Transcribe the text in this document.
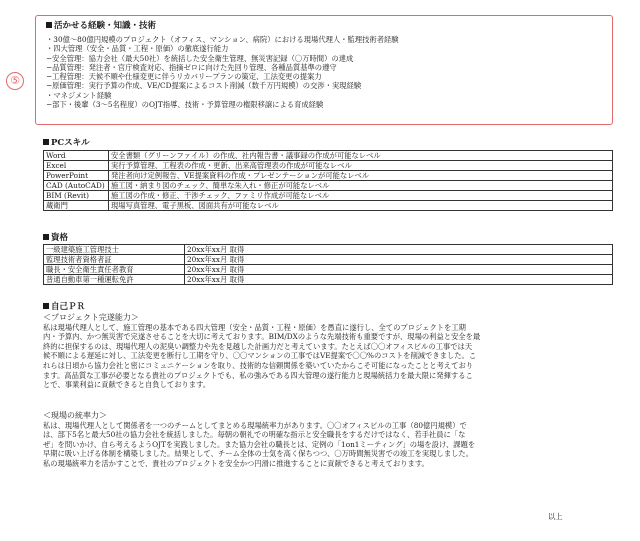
⑤
活かせる経験・知識・技術
・30億〜80億円規模のプロジェクト（オフィス、マンション、病院）における現場代理人・監理技術者経験
・四大管理（安全・品質・工程・原価）の徹底遂行能力
−安全管理：協力会社（最大50社）を統括した安全衛生管理、無災害記録（〇万時間）の達成
−品質管理：発注者・官庁検査対応、指摘ゼロに向けた先回り管理、各種品質基準の遵守
−工程管理：天候不順や仕様変更に伴うリカバリープランの策定、工法変更の提案力
−原価管理：実行予算の作成、VE/CD提案によるコスト削減（数千万円規模）の交渉・実現経験
・マネジメント経験
−部下・後輩（3〜5名程度）のOJT指導、技術・予算管理の権限移譲による育成経験
PCスキル
Word	安全書類（グリーンファイル）の作成、社内報告書・議事録の作成が可能なレベル
Excel	実行予算管理、工程表の作成・更新、出来高管理表の作成が可能なレベル
PowerPoint	発注者向け定例報告、VE提案資料の作成・プレゼンテーションが可能なレベル
CAD (AutoCAD)	施工図・納まり図のチェック、簡単な朱入れ・修正が可能なレベル
BIM (Revit)	施工図の作成・修正、干渉チェック、ファミリ作成が可能なレベル
蔵衛門	現場写真管理、電子黒板、図面共有が可能なレベル
資格
一級建築施工管理技士	20xx年xx月 取得
監理技術者資格者証	20xx年xx月 取得
職長・安全衛生責任者教育	20xx年xx月 取得
普通自動車第一種運転免許	20xx年xx月 取得
自己ＰＲ
＜プロジェクト完遂能力＞
私は現場代理人として、施工管理の基本である四大管理（安全・品質・工程・原価）を愚直に遂行し、全てのプロジェクトを工期
内・予算内、かつ無災害で完遂させることを大切に考えております。BIM/DXのような先端技術も重要ですが、現場の利益と安全を最
終的に担保するのは、現場代理人の泥臭い調整力や先を見越した計画力だと考えています。たとえば〇〇オフィスビルの工事では天
候不順による遅延に対し、工法変更を断行し工期を守り、〇〇マンションの工事ではVE提案で〇〇%のコストを削減できました。こ
れらは日頃から協力会社と密にコミュニケーションを取り、技術的な信頼関係を築いていたからこそ可能になったことと考えており
ます。高品質な工事が必要となる貴社のプロジェクトでも、私の強みである四大管理の遂行能力と現場統括力を最大限に発揮するこ
とで、事業利益に貢献できると自負しております。
＜現場の統率力＞
私は、現場代理人として関係者を一つのチームとしてまとめる現場統率力があります。〇〇オフィスビルの工事（80億円規模）で
は、部下5名と最大50社の協力会社を統括しました。毎朝の朝礼での明確な指示と安全職長をするだけではなく、若手社員に「な
ぜ」を問いかけ、自ら考えるようOJTを実践しました。また協力会社の職長とは、定例の「1on1ミーティング」の場を設け、課題を
早期に吸い上げる体制を構築しました。結果として、チーム全体の士気を高く保ちつつ、〇万時間無災害での竣工を実現しました。
私の現場統率力を活かすことで、貴社のプロジェクトを安全かつ円滑に推進することに貢献できると考えております。
以上
